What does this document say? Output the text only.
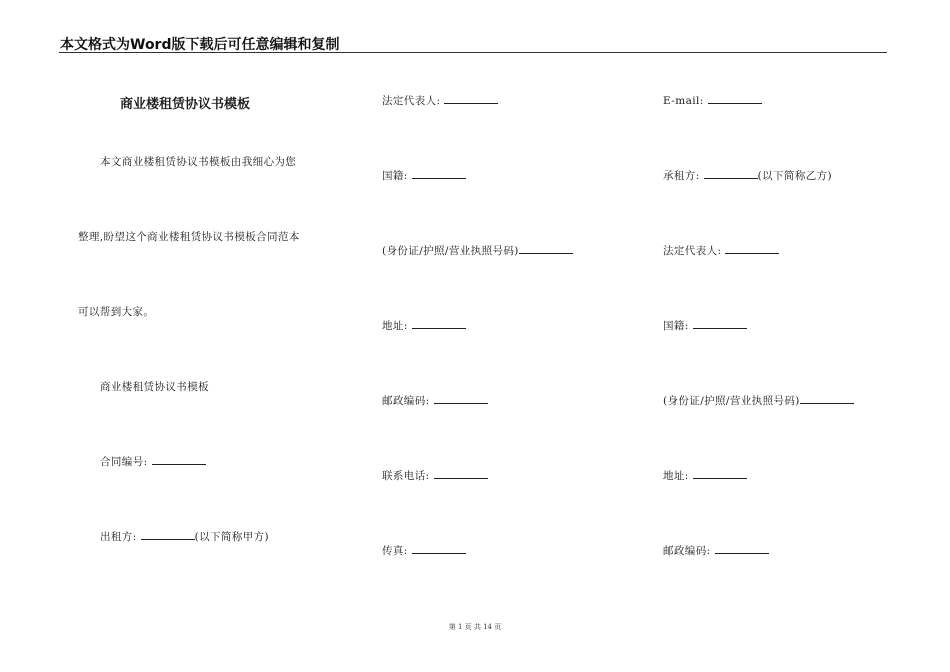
本文格式为Word版下载后可任意编辑和复制
商业楼租赁协议书模板
本文商业楼租赁协议书模板由我细心为您
整理,盼望这个商业楼租赁协议书模板合同范本
可以帮到大家。
商业楼租赁协议书模板
合同编号:
出租方:	(以下简称甲方)
法定代表人:
国籍:
(身份证/护照/营业执照号码)
地址:
邮政编码:
联系电话:
传真:
E-mail:
承租方:	(以下简称乙方)
法定代表人:
国籍:
(身份证/护照/营业执照号码)
地址:
邮政编码:
第 1 页 共 14 页
